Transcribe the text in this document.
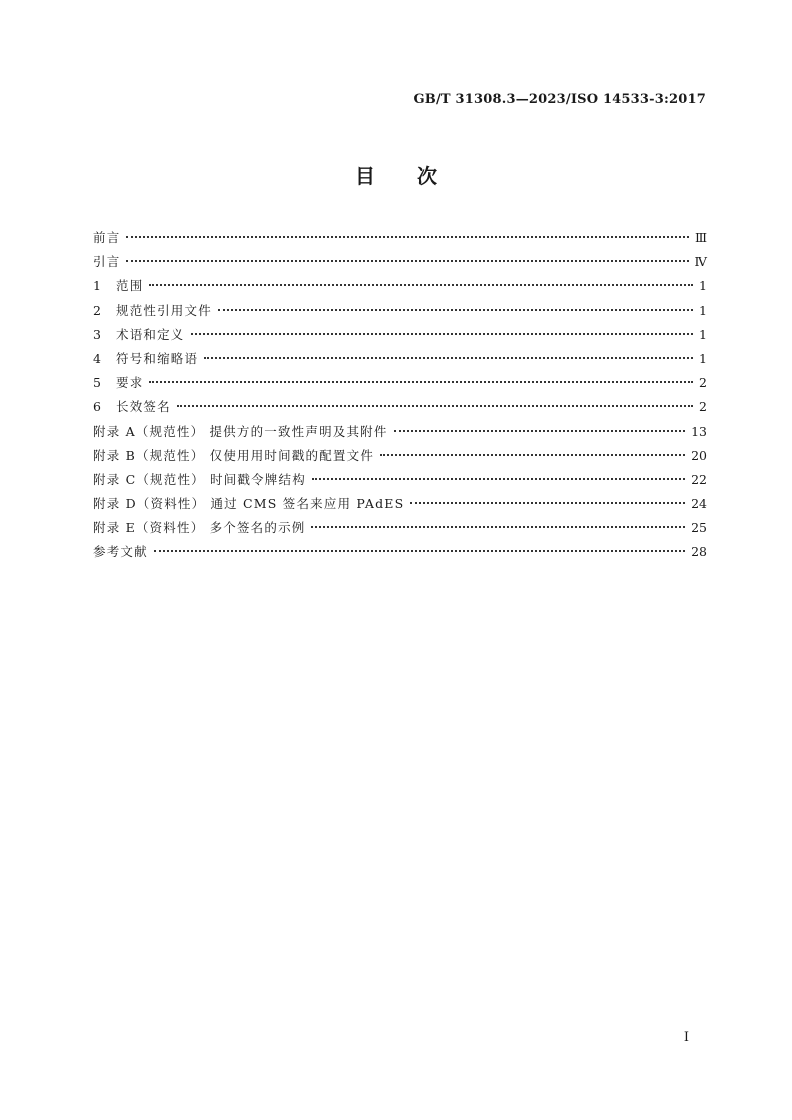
GB/T 31308.3—2023/ISO 14533-3:2017
目次
前言	Ⅲ
引言	Ⅳ
1	范围	1
2	规范性引用文件	1
3	术语和定义	1
4	符号和缩略语	1
5	要求	2
6	长效签名	2
附录 A（规范性） 提供方的一致性声明及其附件	13
附录 B（规范性） 仅使用用时间戳的配置文件	20
附录 C（规范性） 时间戳令牌结构	22
附录 D（资料性） 通过 CMS 签名来应用 PAdES	24
附录 E（资料性） 多个签名的示例	25
参考文献	28
Ⅰ
